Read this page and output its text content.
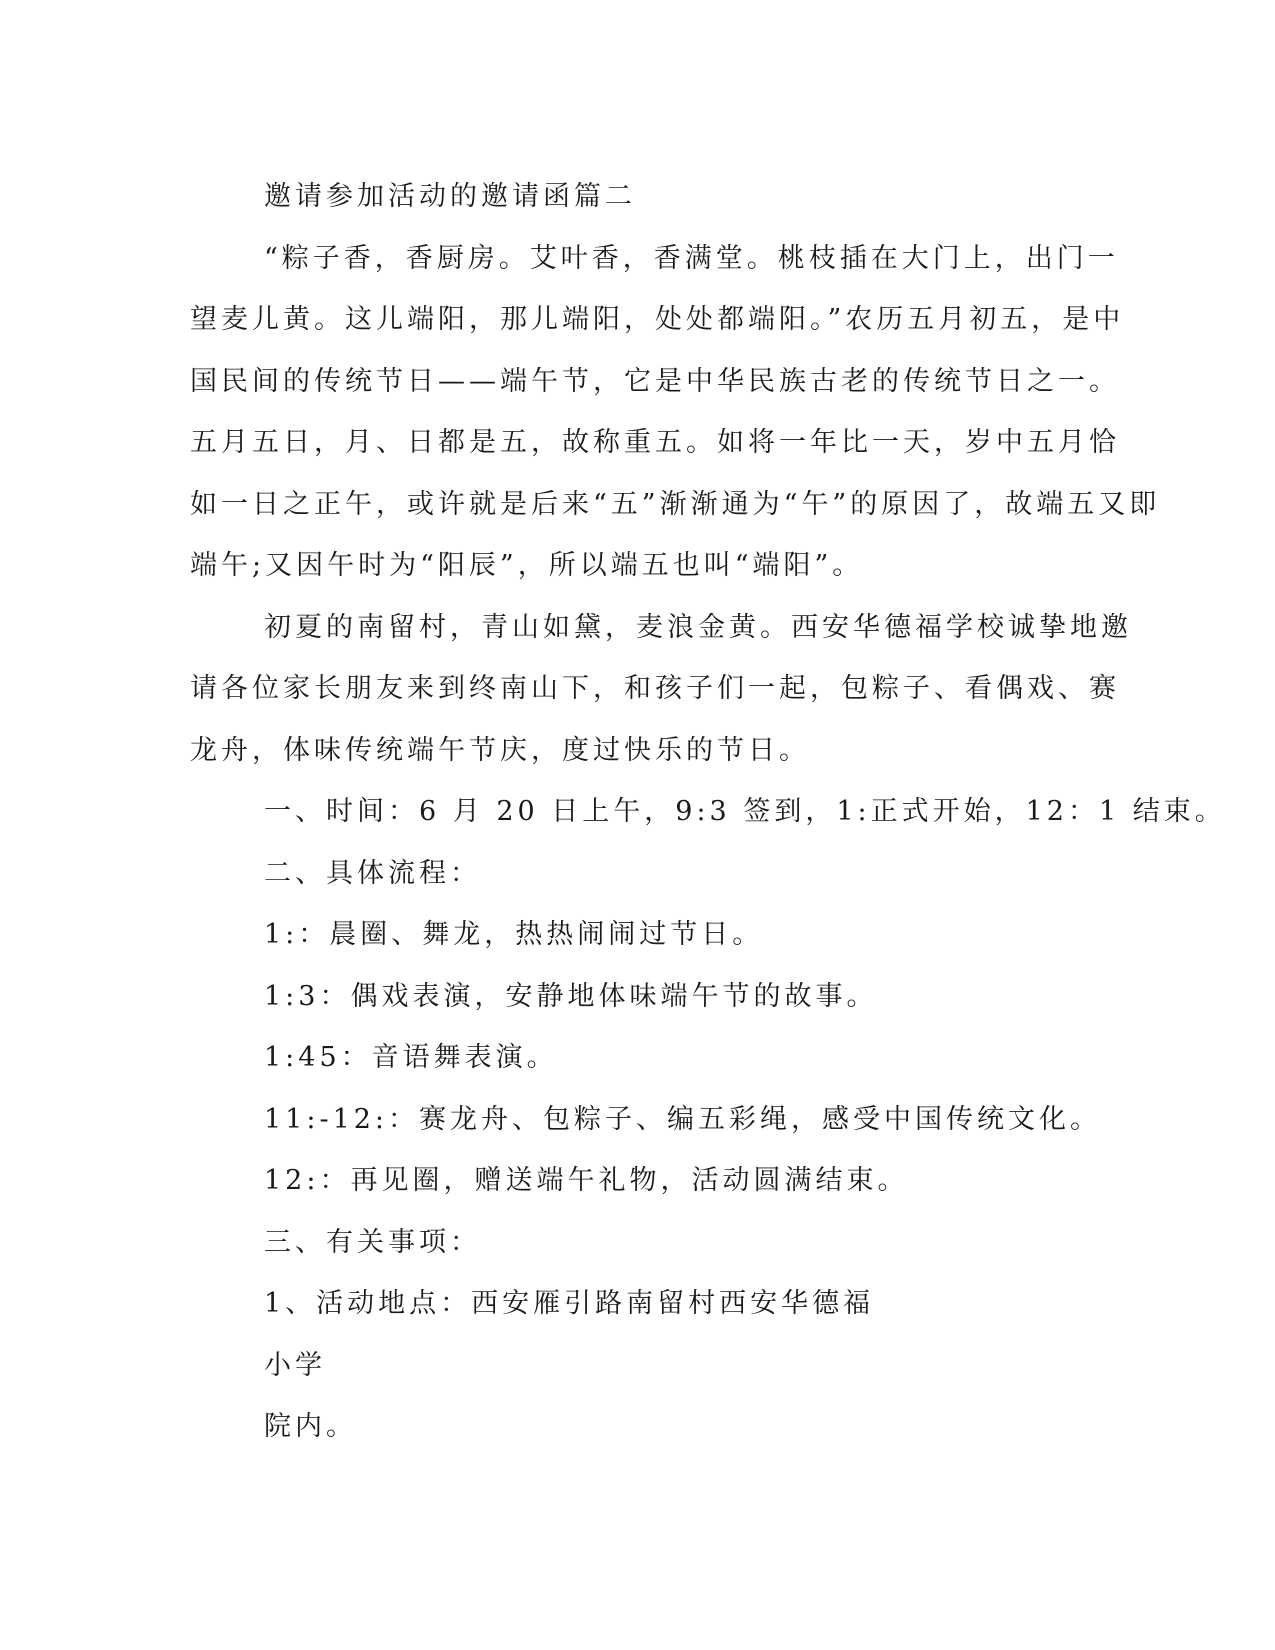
邀请参加活动的邀请函篇二
“粽子香，香厨房。艾叶香，香满堂。桃枝插在大门上，出门一
望麦儿黄。这儿端阳，那儿端阳，处处都端阳。”农历五月初五，是中
国民间的传统节日——端午节，它是中华民族古老的传统节日之一。
五月五日，月、日都是五，故称重五。如将一年比一天，岁中五月恰
如一日之正午，或许就是后来“五”渐渐通为“午”的原因了，故端五又即
端午;又因午时为“阳辰”，所以端五也叫“端阳”。
初夏的南留村，青山如黛，麦浪金黄。西安华德福学校诚挚地邀
请各位家长朋友来到终南山下，和孩子们一起，包粽子、看偶戏、赛
龙舟，体味传统端午节庆，度过快乐的节日。
一、时间：6 月 20 日上午，9:3 签到，1:正式开始，12：1 结束。
二、具体流程：
1:：晨圈、舞龙，热热闹闹过节日。
1:3：偶戏表演，安静地体味端午节的故事。
1:45：音语舞表演。
11:-12:：赛龙舟、包粽子、编五彩绳，感受中国传统文化。
12:：再见圈，赠送端午礼物，活动圆满结束。
三、有关事项：
1、活动地点：西安雁引路南留村西安华德福
小学
院内。
